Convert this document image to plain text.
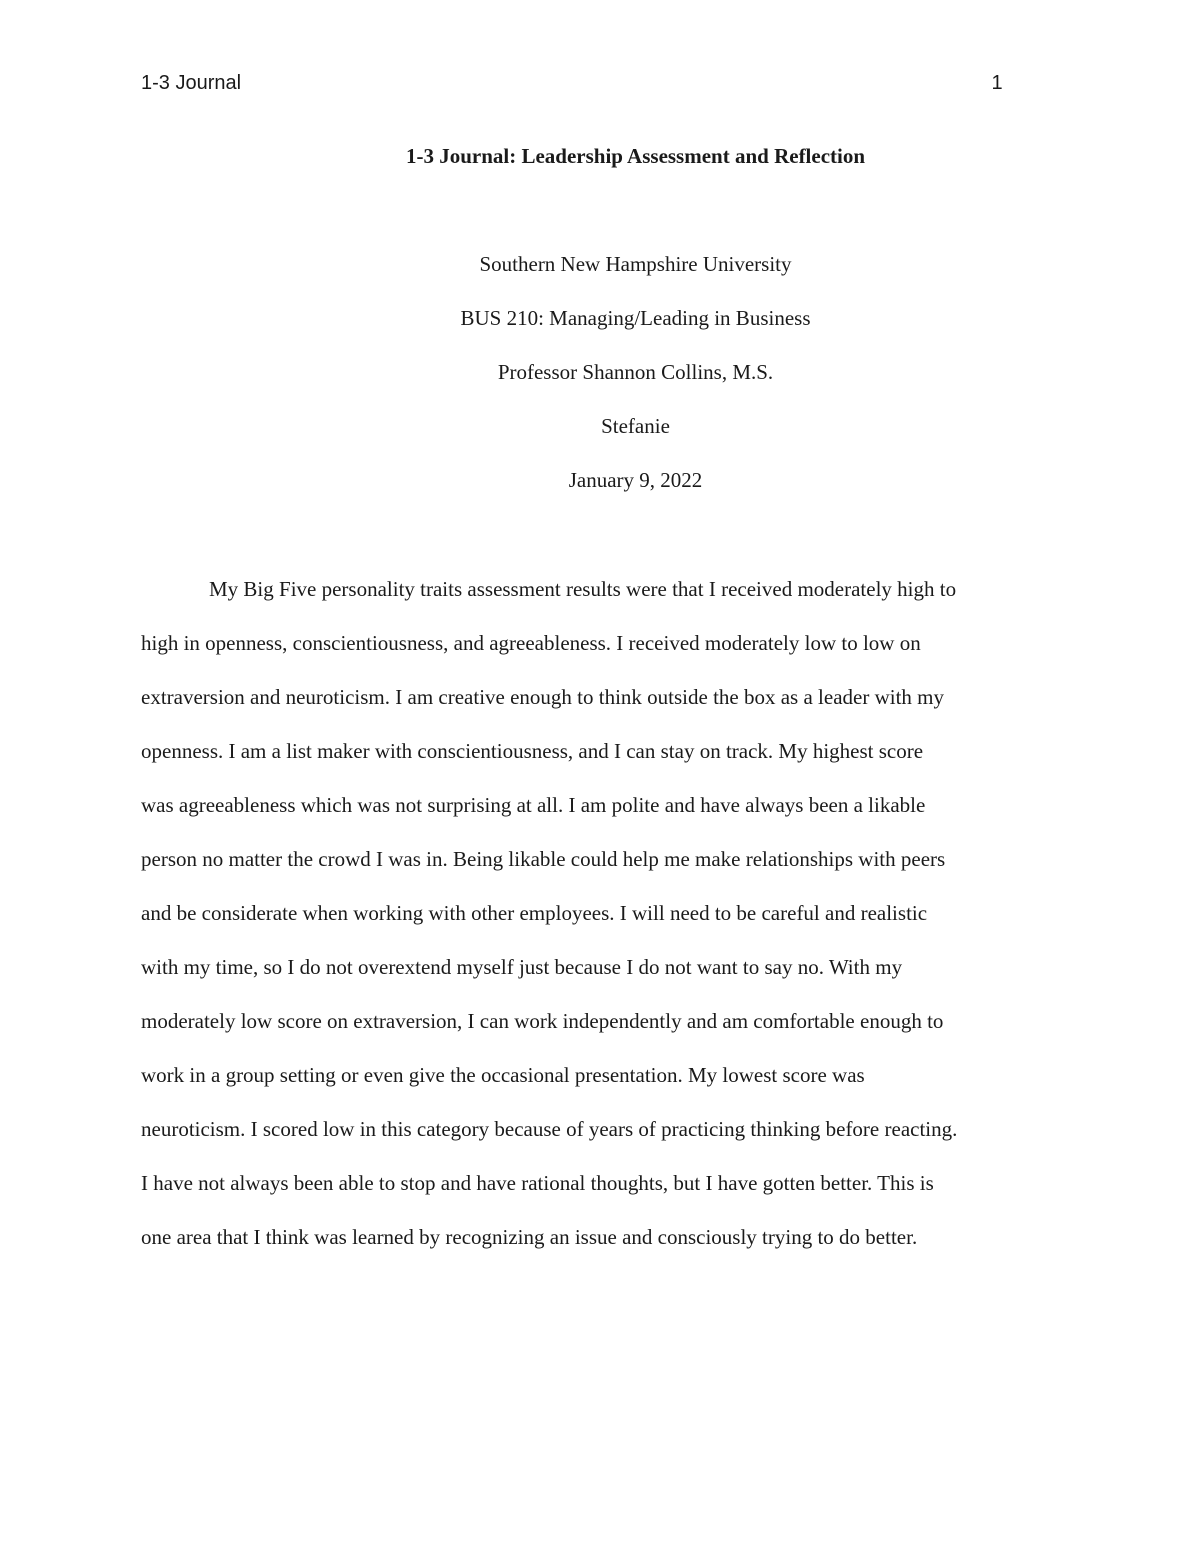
1-3 Journal	1
1-3 Journal: Leadership Assessment and Reflection
Southern New Hampshire University
BUS 210: Managing/Leading in Business
Professor Shannon Collins, M.S.
Stefanie
January 9, 2022
My Big Five personality traits assessment results were that I received moderately high to
high in openness, conscientiousness, and agreeableness. I received moderately low to low on
extraversion and neuroticism. I am creative enough to think outside the box as a leader with my
openness. I am a list maker with conscientiousness, and I can stay on track. My highest score
was agreeableness which was not surprising at all. I am polite and have always been a likable
person no matter the crowd I was in. Being likable could help me make relationships with peers
and be considerate when working with other employees. I will need to be careful and realistic
with my time, so I do not overextend myself just because I do not want to say no. With my
moderately low score on extraversion, I can work independently and am comfortable enough to
work in a group setting or even give the occasional presentation. My lowest score was
neuroticism. I scored low in this category because of years of practicing thinking before reacting.
I have not always been able to stop and have rational thoughts, but I have gotten better. This is
one area that I think was learned by recognizing an issue and consciously trying to do better.
